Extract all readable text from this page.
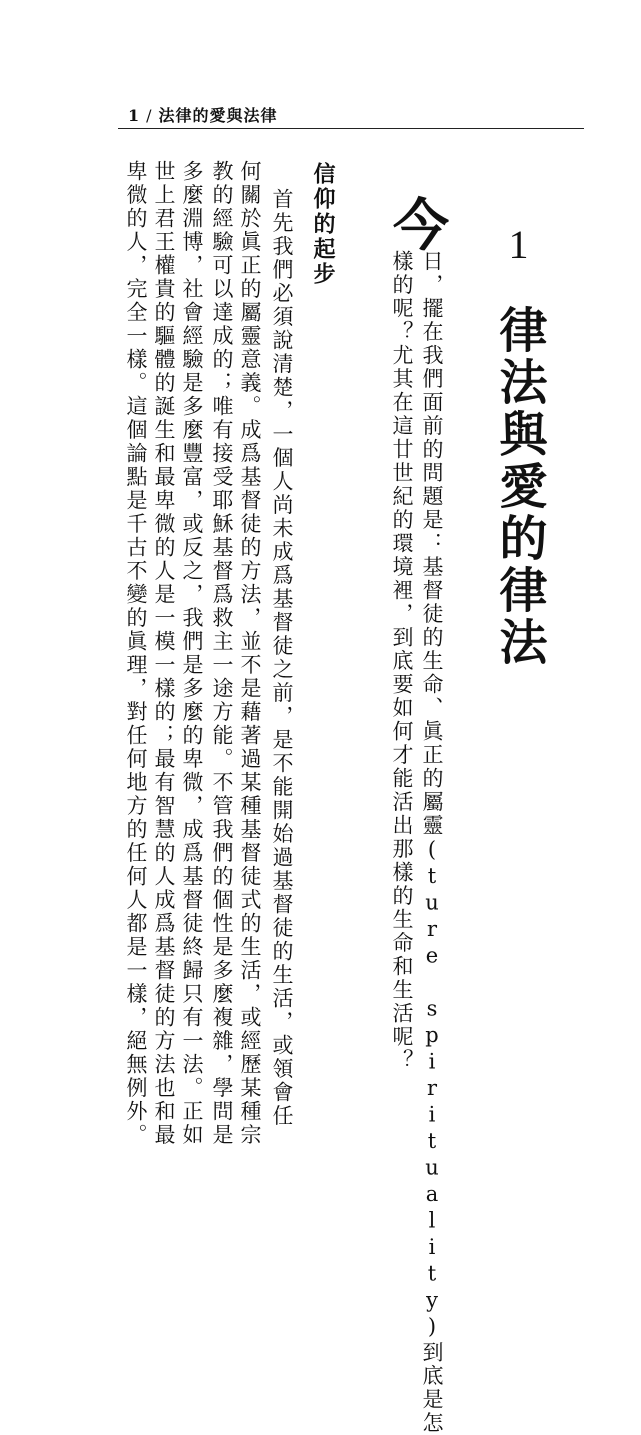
1 / 法律的愛與法律
1
律法與愛的律法
今
日，擺在我們面前的問題是：基督徒的生命、眞正的屬靈(ture spirituality)到底是怎
樣的呢？尤其在這廿世紀的環境裡，到底要如何才能活出那樣的生命和生活呢？
信仰的起步
首先我們必須說清楚，一個人尚未成爲基督徒之前，是不能開始過基督徒的生活，或領會任
何關於眞正的屬靈意義。成爲基督徒的方法，並不是藉著過某種基督徒式的生活，或經歷某種宗
教的經驗可以達成的；唯有接受耶穌基督爲救主一途方能。不管我們的個性是多麼複雜，學問是
多麼淵博，社會經驗是多麼豐富，或反之，我們是多麼的卑微，成爲基督徒終歸只有一法。正如
世上君王權貴的驅體的誕生和最卑微的人是一模一樣的；最有智慧的人成爲基督徒的方法也和最
卑微的人，完全一樣。這個論點是千古不變的眞理，對任何地方的任何人都是一樣，絕無例外。
